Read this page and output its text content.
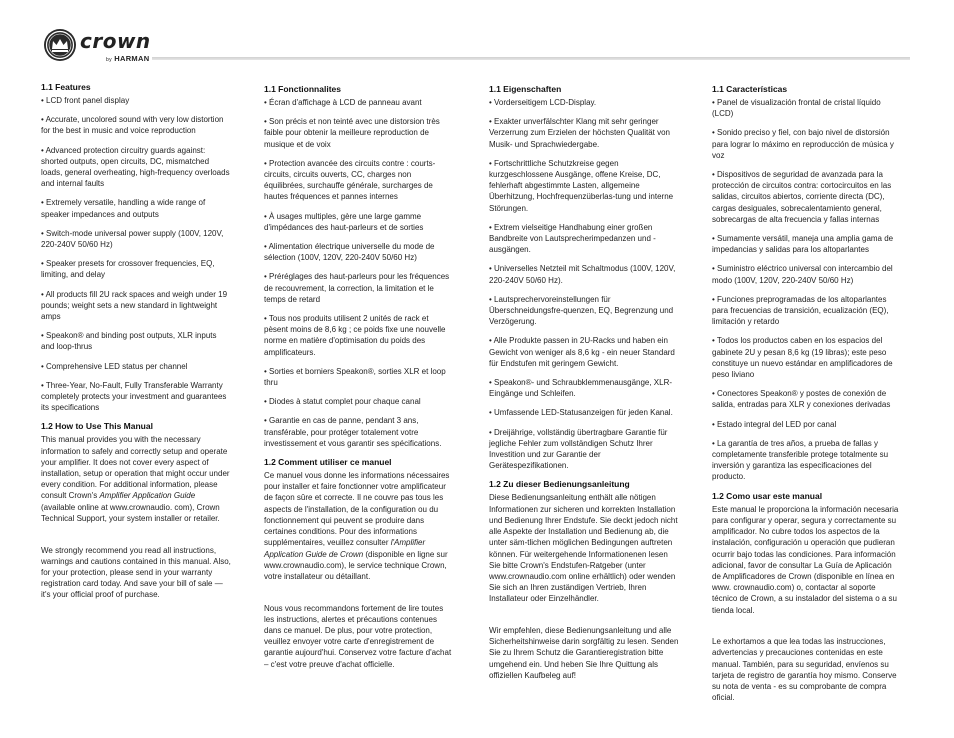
crown
by HARMAN
1.1 Features
• LCD front panel display
• Accurate, uncolored sound with very low distortion for the best in music and voice reproduction
• Advanced protection circuitry guards against: shorted outputs, open circuits, DC, mismatched loads, general overheating, high-frequency overloads and internal faults
• Extremely versatile, handling a wide range of speaker impedances and outputs
• Switch-mode universal power supply (100V, 120V, 220-240V 50/60 Hz)
• Speaker presets for crossover frequencies, EQ, limiting, and delay
• All products fill 2U rack spaces and weigh under 19 pounds; weight sets a new standard in lightweight amps
• Speakon® and binding post outputs, XLR inputs and loop-thrus
• Comprehensive LED status per channel
• Three-Year, No-Fault, Fully Transferable Warranty completely protects your investment and guarantees its specifications
1.2 How to Use This Manual

This manual provides you with the necessary information to safely and correctly setup and operate your amplifier. It does not cover every aspect of installation, setup or operation that might occur under every condition. For additional information, please consult Crown's Amplifier Application Guide (available online at www.crownaudio. com), Crown Technical Support, your system installer or retailer.

We strongly recommend you read all instructions, warnings and cautions contained in this manual. Also, for your protection, please send in your warranty registration card today. And save your bill of sale — it's your official proof of purchase.

1.1 Fonctionnalites
• Écran d'affichage à LCD de panneau avant
• Son précis et non teinté avec une distorsion très faible pour obtenir la meilleure reproduction de musique et de voix
• Protection avancée des circuits contre : courts-circuits, circuits ouverts, CC, charges non équilibrées, surchauffe générale, surcharges de hautes fréquences et pannes internes
• À usages multiples, gère une large gamme d'impédances des haut-parleurs et de sorties
• Alimentation électrique universelle du mode de sélection (100V, 120V, 220-240V 50/60 Hz)
• Préréglages des haut-parleurs pour les fréquences de recouvrement, la correction, la limitation et le temps de retard
• Tous nos produits utilisent 2 unités de rack et pèsent moins de 8,6 kg ; ce poids fixe une nouvelle norme en matière d'optimisation du poids des amplificateurs.
• Sorties et borniers Speakon®, sorties XLR et loop thru
• Diodes à statut complet pour chaque canal
• Garantie en cas de panne, pendant 3 ans, transférable, pour protéger totalement votre investissement et vous garantir ses spécifications.
1.2 Comment utiliser ce manuel

Ce manuel vous donne les informations nécessaires pour installer et faire fonctionner votre amplificateur de façon sûre et correcte. Il ne couvre pas tous les aspects de l'installation, de la configuration ou du fonctionnement qui peuvent se produire dans certaines conditions. Pour des informations supplémentaires, veuillez consulter l'Amplifier Application Guide de Crown (disponible en ligne sur www.crownaudio.com), le service technique Crown, votre installateur ou détaillant.

Nous vous recommandons fortement de lire toutes les instructions, alertes et précautions contenues dans ce manuel. De plus, pour votre protection, veuillez envoyer votre carte d'enregistrement de garantie aujourd'hui. Conservez votre facture d'achat – c'est votre preuve d'achat officielle.

1.1 Eigenschaften
• Vorderseitigem LCD-Display.
• Exakter unverfälschter Klang mit sehr geringer Verzerrung zum Erzielen der höchsten Qualität von Musik- und Sprachwiedergabe.
• Fortschrittliche Schutzkreise gegen kurzgeschlossene Ausgänge, offene Kreise, DC, fehlerhaft abgestimmte Lasten, allgemeine Überhitzung, Hochfrequenzüberlas-tung und interne Störungen.
• Extrem vielseitige Handhabung einer großen Bandbreite von Lautsprecherimpedanzen und -ausgängen.
• Universelles Netzteil mit Schaltmodus (100V, 120V, 220-240V 50/60 Hz).
• Lautsprechervoreinstellungen für Überschneidungsfre-quenzen, EQ, Begrenzung und Verzögerung.
• Alle Produkte passen in 2U-Racks und haben ein Gewicht von weniger als 8,6 kg - ein neuer Standard für Endstufen mit geringem Gewicht.
• Speakon®- und Schraubklemmenausgänge, XLR-Eingänge und Schleifen.
• Umfassende LED-Statusanzeigen für jeden Kanal.
• Dreijährige, vollständig übertragbare Garantie für jegliche Fehler zum vollständigen Schutz Ihrer Investition und zur Garantie der Gerätespezifikationen.
1.2 Zu dieser Bedienungsanleitung

Diese Bedienungsanleitung enthält alle nötigen Informationen zur sicheren und korrekten Installation und Bedienung Ihrer Endstufe. Sie deckt jedoch nicht alle Aspekte der Installation und Bedienung ab, die unter säm-tlichen möglichen Bedingungen auftreten können. Für weitergehende Informationenen lesen Sie bitte Crown's Endstufen-Ratgeber (unter www.crownaudio.com online erhältlich) oder wenden Sie sich an Ihren zuständigen Vertrieb, Ihren Installateur oder Einzelhändler.

Wir empfehlen, diese Bedienungsanleitung und alle Sicherheitshinweise darin sorgfältig zu lesen. Senden Sie zu Ihrem Schutz die Garantieregistration bitte umgehend ein. Und heben Sie Ihre Quittung als offiziellen Kaufbeleg auf!

1.1 Características
• Panel de visualización frontal de cristal líquido (LCD)
• Sonido preciso y fiel, con bajo nivel de distorsión para lograr lo máximo en reproducción de música y voz
• Dispositivos de seguridad de avanzada para la protección de circuitos contra: cortocircuitos en las salidas, circuitos abiertos, corriente directa (DC), cargas desiguales, sobrecalentamiento general, sobrecargas de alta frecuencia y fallas internas
• Sumamente versátil, maneja una amplia gama de impedancias y salidas para los altoparlantes
• Suministro eléctrico universal con intercambio del modo (100V, 120V, 220-240V 50/60 Hz)
• Funciones preprogramadas de los altoparlantes para frecuencias de transición, ecualización (EQ), limitación y retardo
• Todos los productos caben en los espacios del gabinete 2U y pesan 8,6 kg (19 libras); este peso constituye un nuevo estándar en amplificadores de peso liviano
• Conectores Speakon® y postes de conexión de salida, entradas para XLR y conexiones derivadas
• Estado integral del LED por canal
• La garantía de tres años, a prueba de fallas y completamente transferible protege totalmente su inversión y garantiza las especificaciones del producto.
1.2 Como usar este manual

Este manual le proporciona la información necesaria para configurar y operar, segura y correctamente su amplificador. No cubre todos los aspectos de la instalación, configuración u operación que pudieran ocurrir bajo todas las condiciones. Para información adicional, favor de consultar La Guía de Aplicación de Amplificadores de Crown (disponible en línea en www. crownaudio.com) o, contactar al soporte técnico de Crown, a su instalador del sistema o a su tienda local.

Le exhortamos a que lea todas las instrucciones, advertencias y precauciones contenidas en este manual. También, para su seguridad, envíenos su tarjeta de registro de garantía hoy mismo. Conserve su nota de venta - es su comprobante de compra oficial.
